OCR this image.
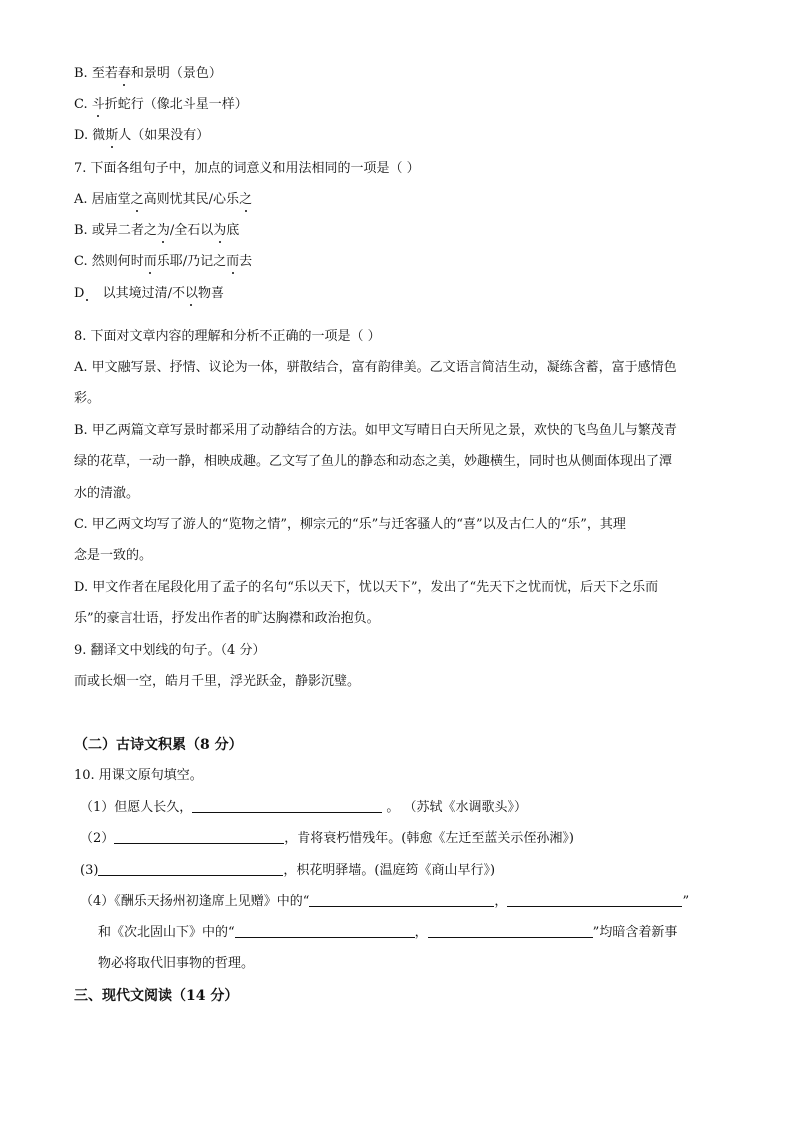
B. 至若春和景明（景色）
C. 斗折蛇行（像北斗星一样）
D. 微斯人（如果没有）
7. 下面各组句子中，加点的词意义和用法相同的一项是（ ）
A. 居庙堂之高则忧其民/心乐之
B. 或异二者之为/全石以为底
C. 然则何时而乐耶/乃记之而去
D 以其境过清/不以物喜
8. 下面对文章内容的理解和分析不正确的一项是（ ）
A. 甲文融写景、抒情、议论为一体，骈散结合，富有韵律美。乙文语言简洁生动，凝练含蓄，富于感情色
彩。
B. 甲乙两篇文章写景时都采用了动静结合的方法。如甲文写晴日白天所见之景，欢快的飞鸟鱼儿与繁茂青
绿的花草，一动一静，相映成趣。乙文写了鱼儿的静态和动态之美，妙趣横生，同时也从侧面体现出了潭
水的清澈。
C. 甲乙两文均写了游人的“览物之情”，柳宗元的“乐”与迁客骚人的“喜”以及古仁人的“乐”，其理
念是一致的。
D. 甲文作者在尾段化用了孟子的名句“乐以天下，忧以天下”，发出了“先天下之忧而忧，后天下之乐而
乐”的豪言壮语，抒发出作者的旷达胸襟和政治抱负。
9. 翻译文中划线的句子。（4 分）
而或长烟一空，皓月千里，浮光跃金，静影沉璧。
（二）古诗文积累（8 分）
10. 用课文原句填空。
（1）但愿人长久，	。 （苏轼《水调歌头》）
（2）	，肯将衰朽惜残年。(韩愈《左迁至蓝关示侄孙湘》)
(3)	，枳花明驿墙。(温庭筠《商山早行》)
（4）《酬乐天扬州初逢席上见赠》中的“	，	”
和《次北固山下》中的“	，	”均暗含着新事
物必将取代旧事物的哲理。
三、现代文阅读（14 分）
